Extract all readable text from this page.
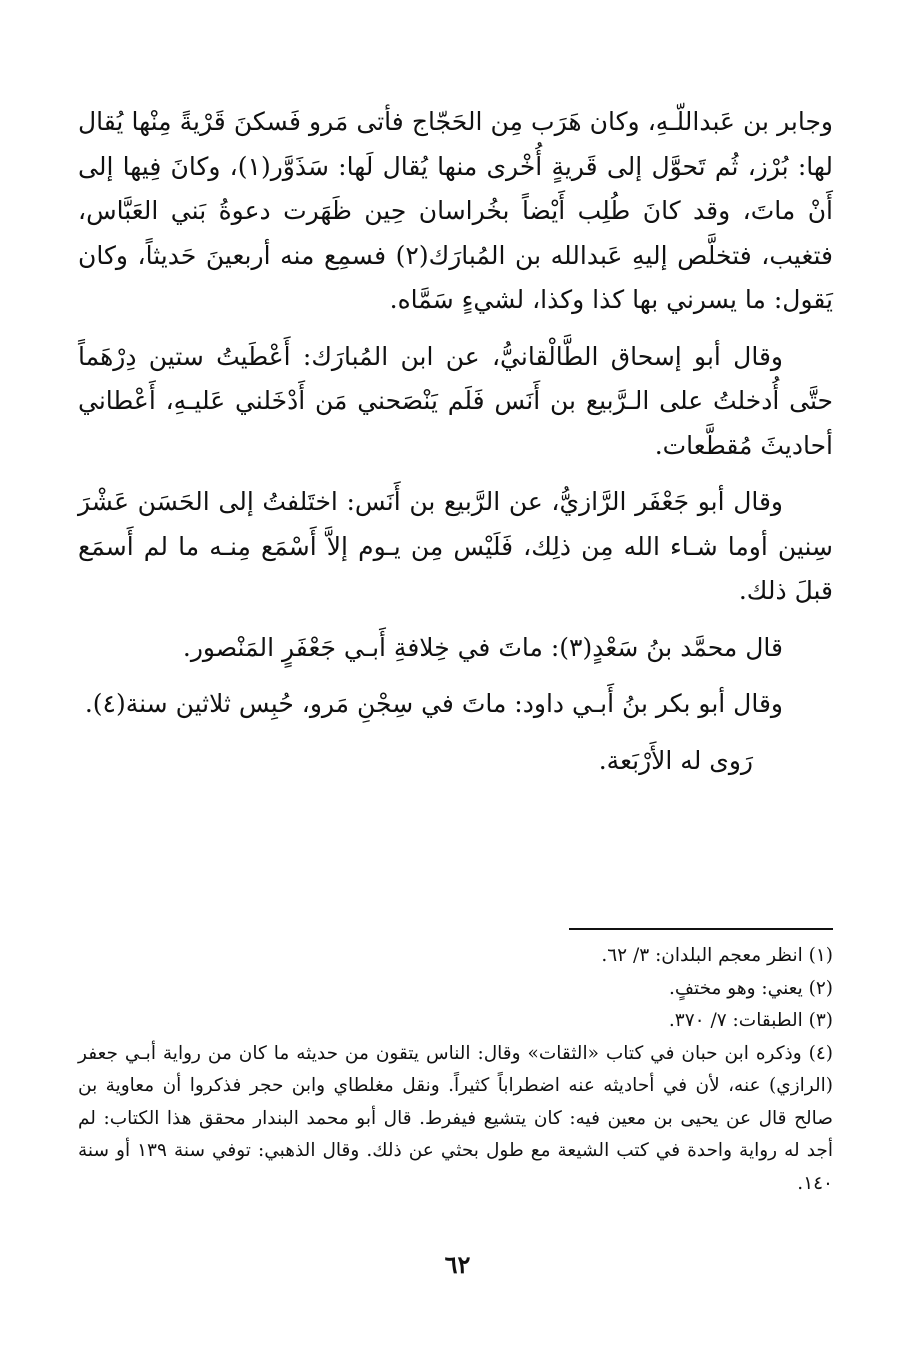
وجابر بن عَبداللّـهِ، وكان هَرَب مِن الحَجّاج فأتى مَرو فَسكنَ قَرْيةً مِنْها يُقال لها: بُرْز، ثُم تَحوَّل إلى قَريةٍ أُخْرى منها يُقال لَها: سَذَوَّر(١)، وكانَ فِيها إلى أَنْ ماتَ، وقد كانَ طُلِب أَيْضاً بخُراسان حِين ظَهَرت دعوةُ بَني العَبَّاس، فتغيب، فتخلَّص إليهِ عَبدالله بن المُبارَك(٢) فسمِع منه أربعينَ حَديثاً، وكان يَقول: ما يسرني بها كذا وكذا، لشيءٍ سَمَّاه.

وقال أبو إسحاق الطَّالْقانيُّ، عن ابن المُبارَك: أَعْطَيتُ ستين دِرْهَماً حتَّى أُدخلتُ على الـرَّبيع بن أَنَس فَلَم يَنْصَحني مَن أَدْخَلني عَليـهِ، أَعْطاني أحاديثَ مُقطَّعات.

وقال أبو جَعْفَر الرَّازيُّ، عن الرَّبيع بن أَنَس: اختَلفتُ إلى الحَسَن عَشْرَ سِنين أوما شـاء الله مِن ذلِك، فَلَيْس مِن يـوم إلاَّ أَسْمَع مِنـه ما لم أَسمَع قبلَ ذلك.

قال محمَّد بنُ سَعْدٍ(٣): ماتَ في خِلافةِ أَبـي جَعْفَرٍ المَنْصور.

وقال أبو بكر بنُ أَبـي داود: ماتَ في سِجْنِ مَرو، حُبِس ثلاثين سنة(٤).

رَوى له الأَرْبَعة.

(١) انظر معجم البلدان: ٣/ ٦٢.

(٢) يعني: وهو مختفٍ.

(٣) الطبقات: ٧/ ٣٧٠.

(٤) وذكره ابن حبان في كتاب «الثقات» وقال: الناس يتقون من حديثه ما كان من رواية أبـي جعفر (الرازي) عنه، لأن في أحاديثه عنه اضطراباً كثيراً. ونقل مغلطاي وابن حجر فذكروا أن معاوية بن صالح قال عن يحيى بن معين فيه: كان يتشيع فيفرط. قال أبو محمد البندار محقق هذا الكتاب: لم أجد له رواية واحدة في كتب الشيعة مع طول بحثي عن ذلك. وقال الذهبي: توفي سنة ١٣٩ أو سنة ١٤٠.

٦٢
